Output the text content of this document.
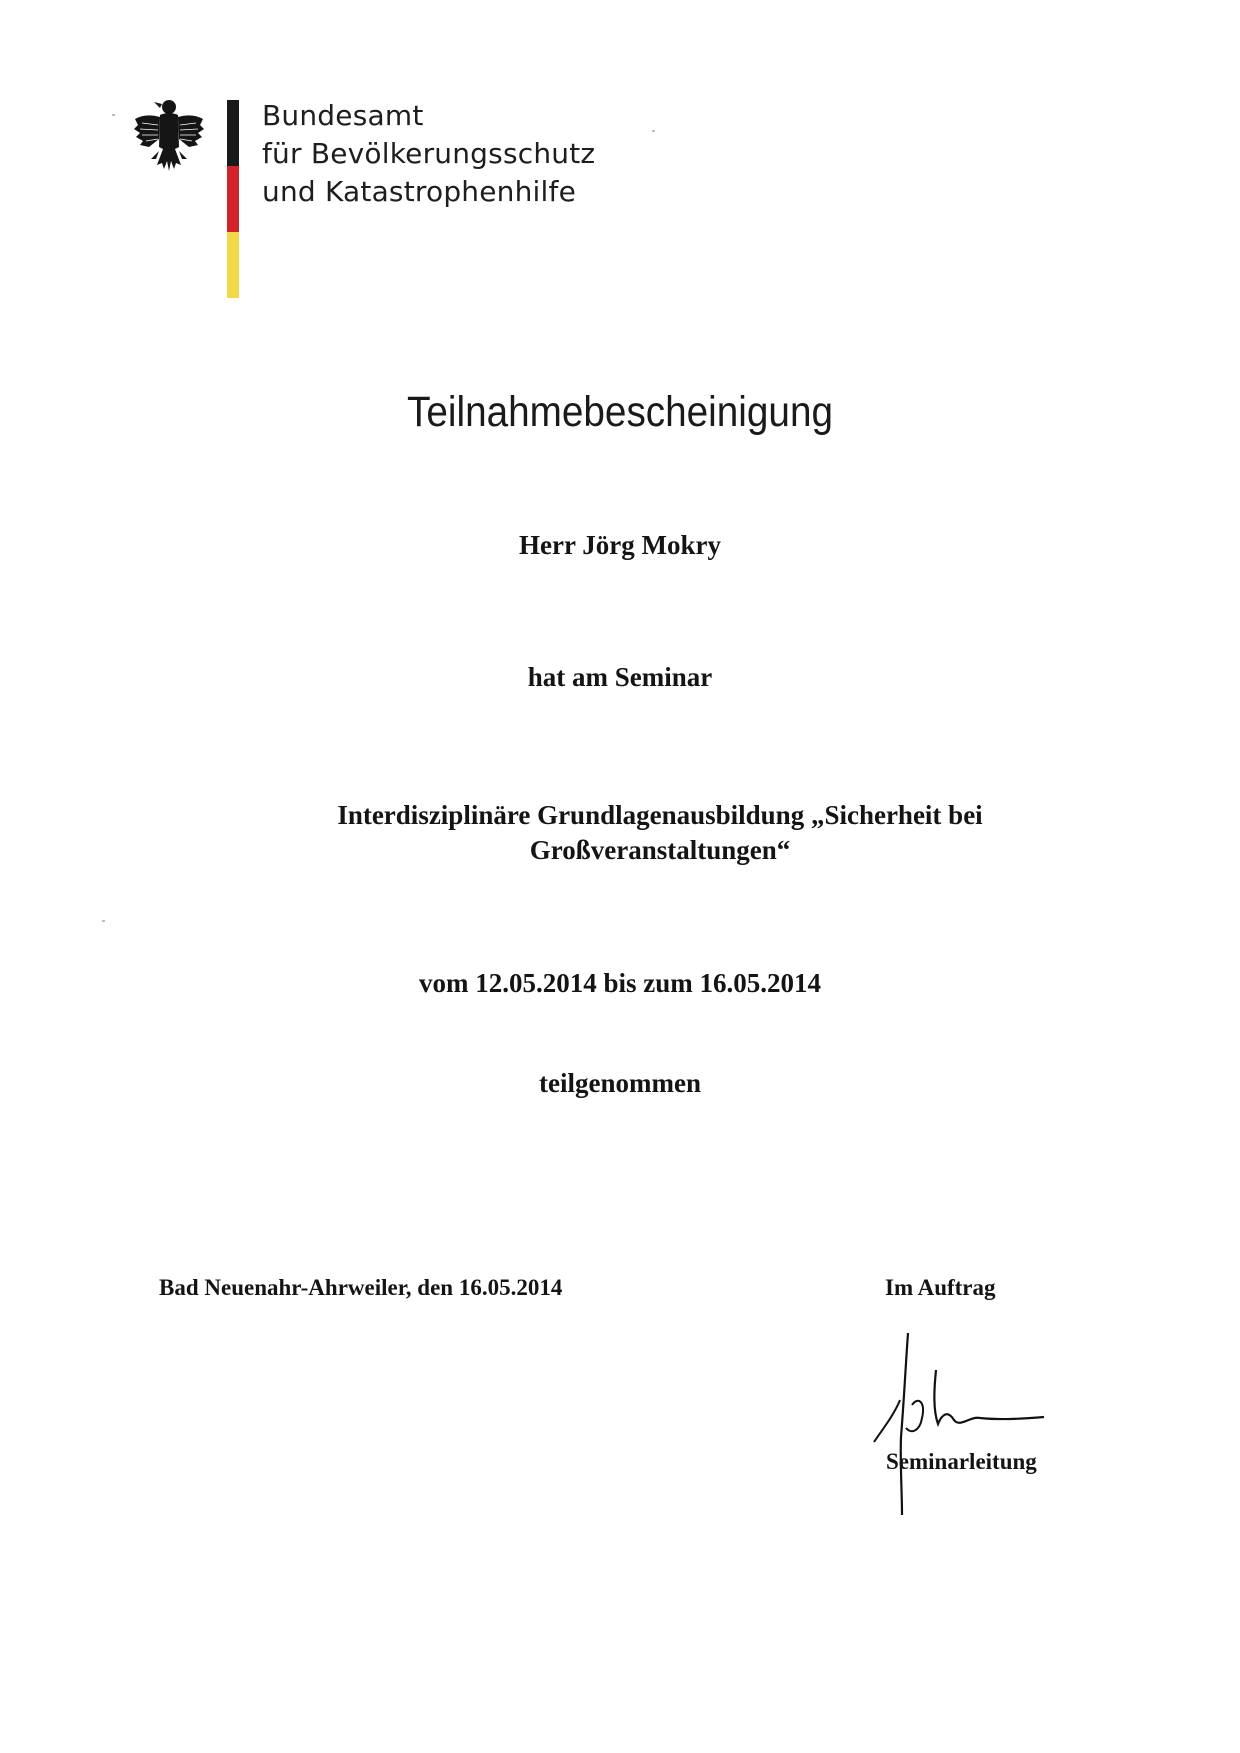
Bundesamt
für Bevölkerungsschutz
und Katastrophenhilfe
Teilnahmebescheinigung
Herr Jörg Mokry
hat am Seminar
Interdisziplinäre Grundlagenausbildung „Sicherheit bei Großveranstaltungen“
vom 12.05.2014 bis zum 16.05.2014
teilgenommen
Bad Neuenahr-Ahrweiler, den 16.05.2014	Im Auftrag
Seminarleitung
